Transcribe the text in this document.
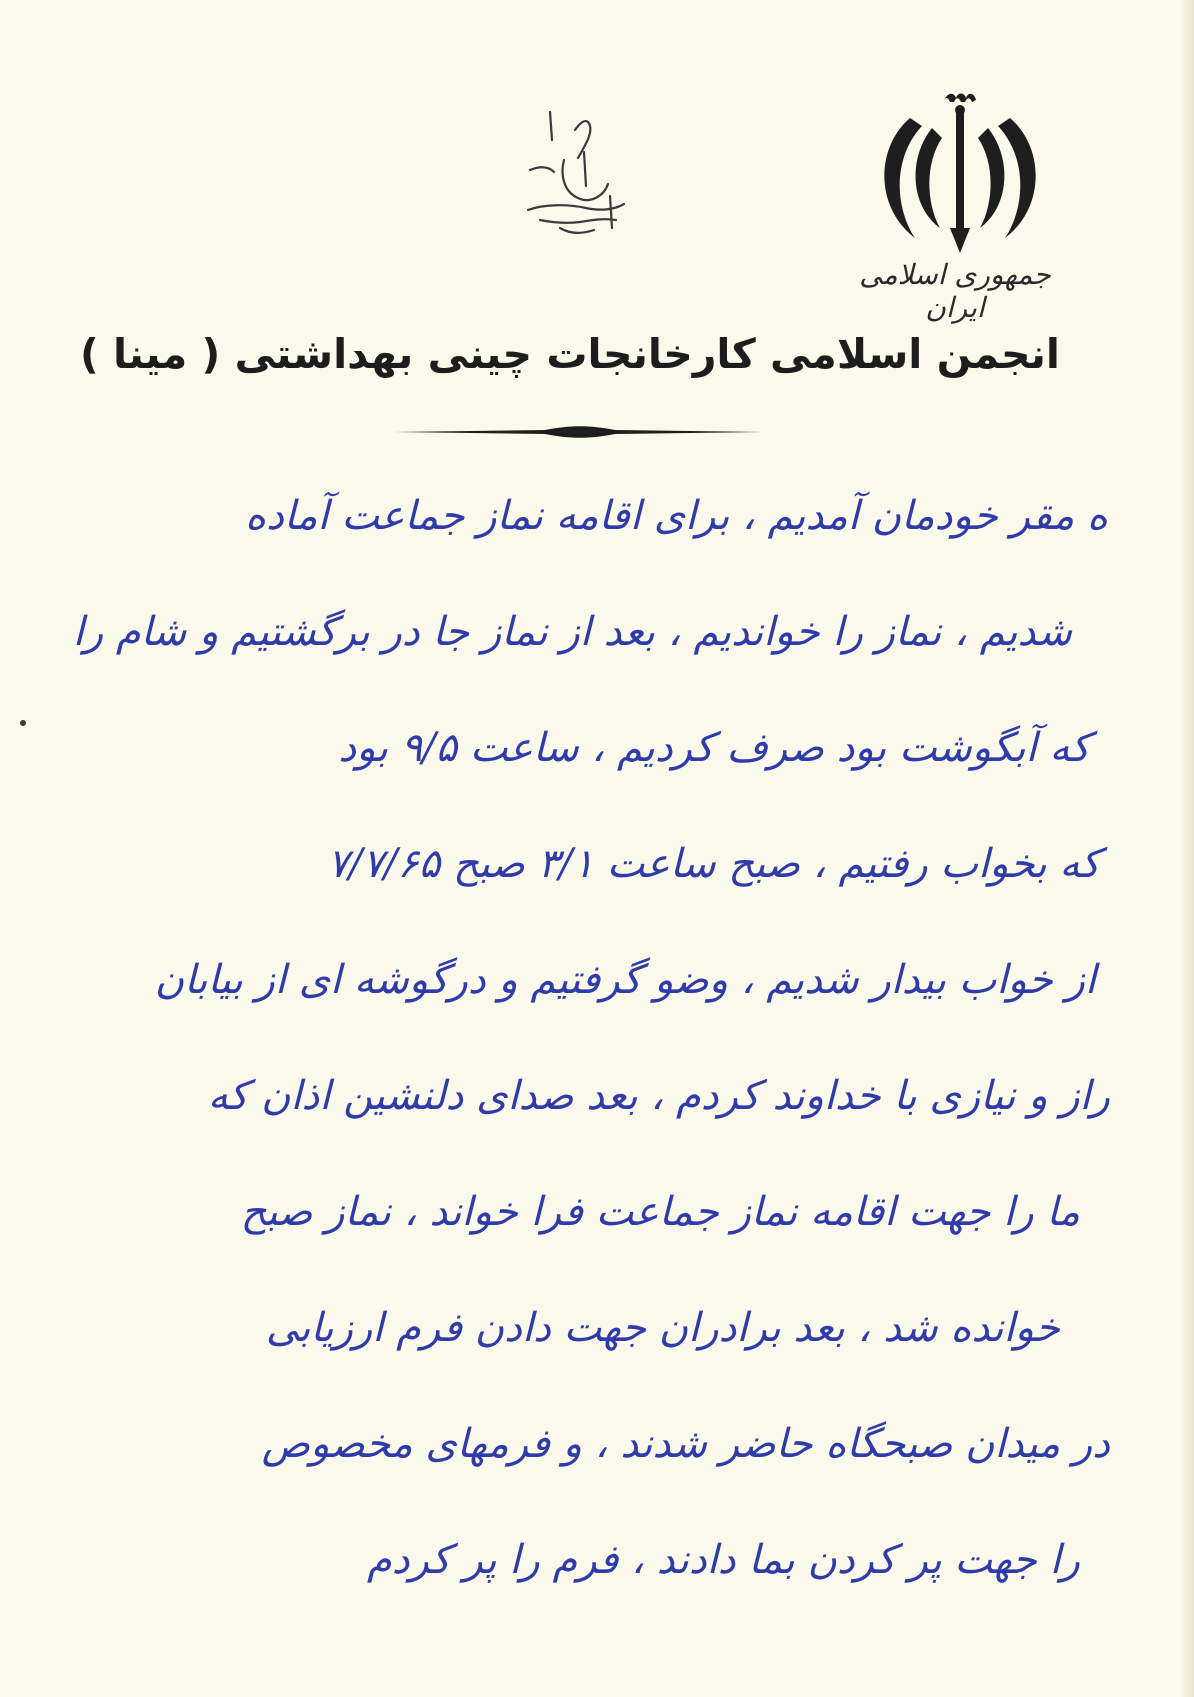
جمهوری اسلامی ایران
انجمن اسلامی کارخانجات چینی بهداشتی ( مینا )
ه مقر خودمان آمدیم ، برای اقامه نماز جماعت آماده
شدیم ، نماز را خواندیم ، بعد از نماز جا در برگشتیم و شام را
که آبگوشت بود صرف کردیم ، ساعت ۹/۵ بود
که بخواب رفتیم ، صبح ساعت ۳/۱ صبح ۷/۷/۶۵
از خواب بیدار شدیم ، وضو گرفتیم و درگوشه ای از بیابان
راز و نیازی با خداوند کردم ، بعد صدای دلنشین اذان که
ما را جهت اقامه نماز جماعت فرا خواند ، نماز صبح
خوانده شد ، بعد برادران جهت دادن فرم ارزیابی
در میدان صبحگاه حاضر شدند ، و فرمهای مخصوص
را جهت پر کردن بما دادند ، فرم را پر کردم
